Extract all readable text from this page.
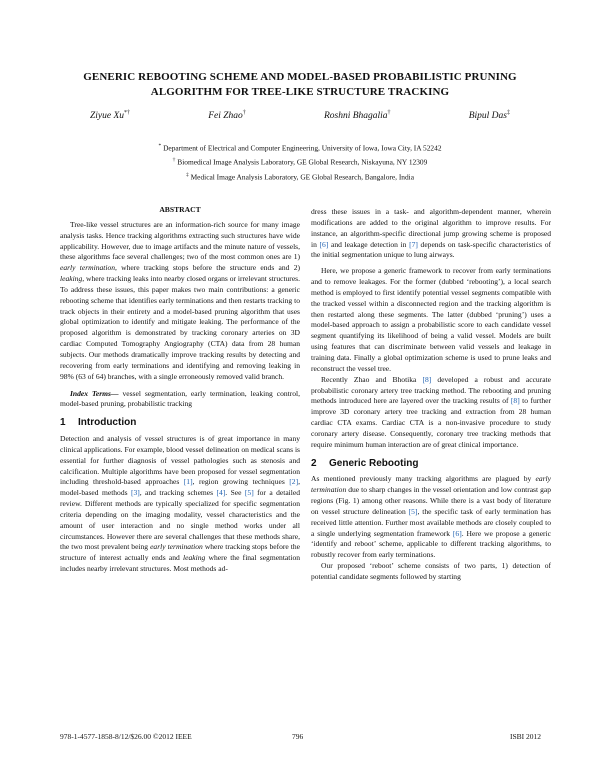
GENERIC REBOOTING SCHEME AND MODEL-BASED PROBABILISTIC PRUNING
ALGORITHM FOR TREE-LIKE STRUCTURE TRACKING
Ziyue Xu*†	Fei Zhao†	Roshni Bhagalia†	Bipul Das‡
* Department of Electrical and Computer Engineering, University of Iowa, Iowa City, IA 52242
† Biomedical Image Analysis Laboratory, GE Global Research, Niskayuna, NY 12309
‡ Medical Image Analysis Laboratory, GE Global Research, Bangalore, India
ABSTRACT

Tree-like vessel structures are an information-rich source for many image analysis tasks. Hence tracking algorithms extracting such structures have wide applicability. However, due to image artifacts and the minute nature of vessels, these algorithms face several challenges; two of the most common ones are 1) early termination, where tracking stops before the structure ends and 2) leaking, where tracking leaks into nearby closed organs or irrelevant structures. To address these issues, this paper makes two main contributions: a generic rebooting scheme that identifies early terminations and then restarts tracking to track objects in their entirety and a model-based pruning algorithm that uses global optimization to identify and mitigate leaking. The performance of the proposed algorithm is demonstrated by tracking coronary arteries on 3D cardiac Computed Tomography Angiography (CTA) data from 28 human subjects. Our methods dramatically improve tracking results by detecting and recovering from early terminations and identifying and removing leaking in 98% (63 of 64) branches, with a single erroneously removed valid branch.

Index Terms— vessel segmentation, early termination, leaking control, model-based pruning, probabilistic tracking

1 Introduction

Detection and analysis of vessel structures is of great importance in many clinical applications. For example, blood vessel delineation on medical scans is essential for further diagnosis of vessel pathologies such as stenosis and calcification. Multiple algorithms have been proposed for vessel segmentation including threshold-based approaches [1], region growing techniques [2], model-based methods [3], and tracking schemes [4]. See [5] for a detailed review. Different methods are typically specialized for specific segmentation criteria depending on the imaging modality, vessel characteristics and the amount of user interaction and no single method works under all circumstances. However there are several challenges that these methods share, the two most prevalent being early termination where tracking stops before the structure of interest actually ends and leaking where the final segmentation includes nearby irrelevant structures. Most methods ad-

dress these issues in a task- and algorithm-dependent manner, wherein modifications are added to the original algorithm to improve results. For instance, an algorithm-specific directional jump growing scheme is proposed in [6] and leakage detection in [7] depends on task-specific characteristics of the initial segmentation unique to lung airways.

Here, we propose a generic framework to recover from early terminations and to remove leakages. For the former (dubbed ‘rebooting’), a local search method is employed to first identify potential vessel segments compatible with the tracked vessel within a disconnected region and the tracking algorithm is then restarted along these segments. The latter (dubbed ‘pruning’) uses a model-based approach to assign a probabilistic score to each candidate vessel segment quantifying its likelihood of being a valid vessel. Models are built using features that can discriminate between valid vessels and leakage in training data. Finally a global optimization scheme is used to prune leaks and reconstruct the vessel tree.

Recently Zhao and Bhotika [8] developed a robust and accurate probabilistic coronary artery tree tracking method. The rebooting and pruning methods introduced here are layered over the tracking results of [8] to further improve 3D coronary artery tree tracking and extraction from 28 human cardiac CTA exams. Cardiac CTA is a non-invasive procedure to study coronary artery disease. Consequently, coronary tree tracking methods that require minimum human interaction are of great clinical importance.

2 Generic Rebooting

As mentioned previously many tracking algorithms are plagued by early termination due to sharp changes in the vessel orientation and low contrast gap regions (Fig. 1) among other reasons. While there is a vast body of literature on vessel structure delineation [5], the specific task of early termination has received little attention. Further most available methods are closely coupled to a single underlying segmentation framework [6]. Here we propose a generic ‘identify and reboot’ scheme, applicable to different tracking algorithms, to robustly recover from early terminations.

Our proposed ‘reboot’ scheme consists of two parts, 1) detection of potential candidate segments followed by starting

978-1-4577-1858-8/12/$26.00 ©2012 IEEE	796	ISBI 2012
